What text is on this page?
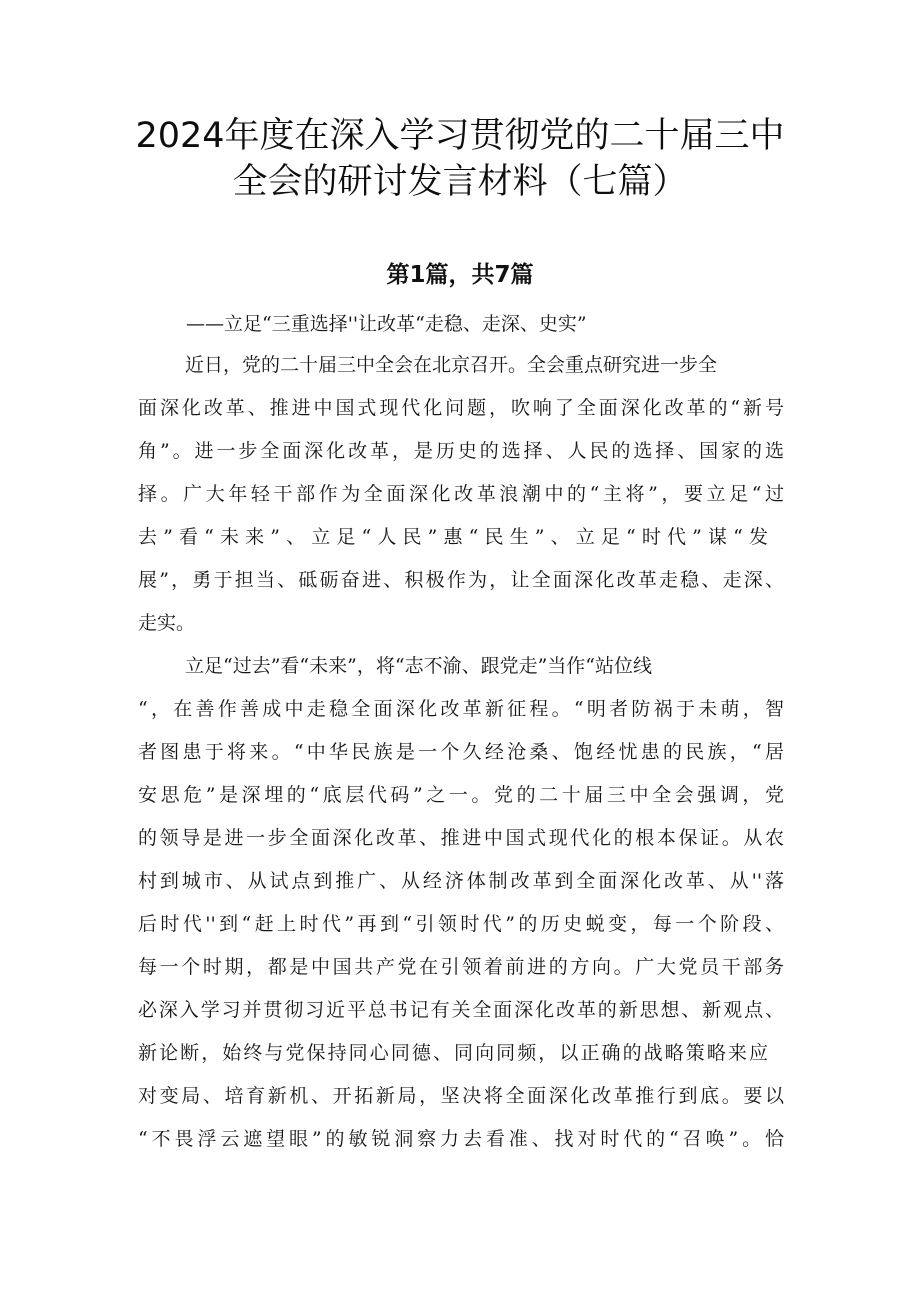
2024年度在深入学习贯彻党的二十届三中
全会的研讨发言材料（七篇）
第1篇，共7篇
——立足“三重选择''让改革“走稳、走深、史实”
近日，党的二十届三中全会在北京召开。全会重点研究进一步全
面深化改革、推进中国式现代化问题，吹响了全面深化改革的“新号
角”。进一步全面深化改革，是历史的选择、人民的选择、国家的选
择。广大年轻干部作为全面深化改革浪潮中的“主将”，要立足“过
去”看“未来”、立足“人民”惠“民生”、立足“时代”谋“发
展”，勇于担当、砥砺奋进、积极作为，让全面深化改革走稳、走深、
走实。
立足“过去”看“未来”，将“志不渝、跟党走”当作“站位线
“，在善作善成中走稳全面深化改革新征程。“明者防祸于未萌，智
者图患于将来。“中华民族是一个久经沧桑、饱经忧患的民族，“居
安思危”是深埋的“底层代码”之一。党的二十届三中全会强调，党
的领导是进一步全面深化改革、推进中国式现代化的根本保证。从农
村到城市、从试点到推广、从经济体制改革到全面深化改革、从''落
后时代''到“赶上时代”再到“引领时代”的历史蜕变，每一个阶段、
每一个时期，都是中国共产党在引领着前进的方向。广大党员干部务
必深入学习并贯彻习近平总书记有关全面深化改革的新思想、新观点、
新论断，始终与党保持同心同德、同向同频，以正确的战略策略来应
对变局、培育新机、开拓新局，坚决将全面深化改革推行到底。要以
“不畏浮云遮望眼”的敏锐洞察力去看准、找对时代的“召唤”。恰
